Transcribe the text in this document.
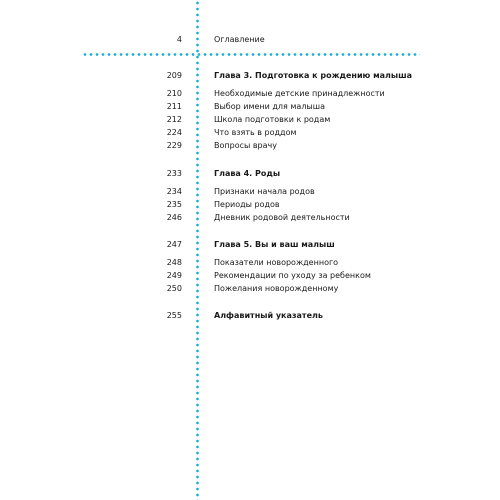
4	Оглавление
209	Глава 3. Подготовка к рождению малыша
210	Необходимые детские принадлежности
211	Выбор имени для малыша
212	Школа подготовки к родам
224	Что взять в роддом
229	Вопросы врачу
233	Глава 4. Роды
234	Признаки начала родов
235	Периоды родов
246	Дневник родовой деятельности
247	Глава 5. Вы и ваш малыш
248	Показатели новорожденного
249	Рекомендации по уходу за ребенком
250	Пожелания новорожденному
255	Алфавитный указатель
